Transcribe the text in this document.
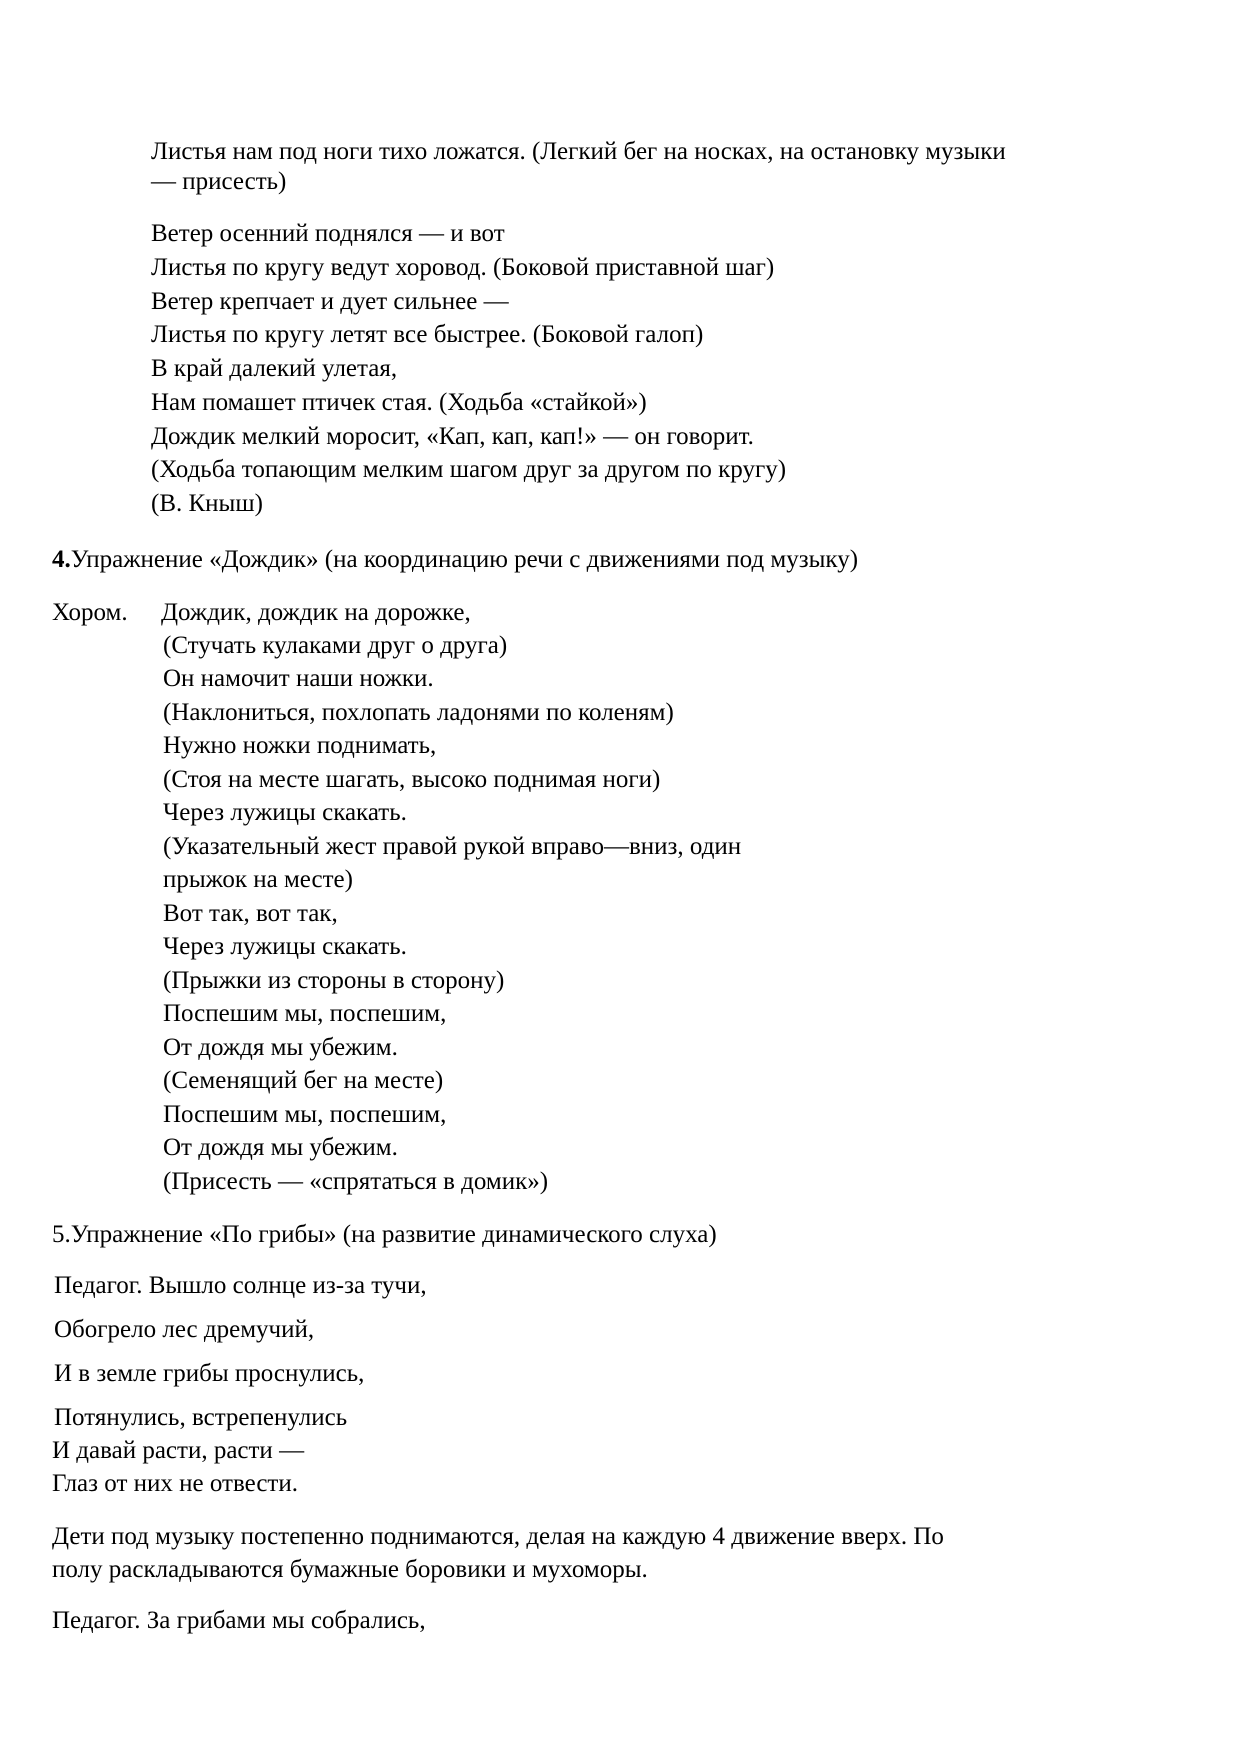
Листья нам под ноги тихо ложатся. (Легкий бег на носках, на остановку музыки
— присесть)
Ветер осенний поднялся — и вот
Листья по кругу ведут хоровод. (Боковой приставной шаг)
Ветер крепчает и дует сильнее —
Листья по кругу летят все быстрее. (Боковой галоп)
В край далекий улетая,
Нам помашет птичек стая. (Ходьба «стайкой»)
Дождик мелкий моросит, «Кап, кап, кап!» — он говорит.
(Ходьба топающим мелким шагом друг за другом по кругу)
(В. Кныш)
4.Упражнение «Дождик» (на координацию речи с движениями под музыку)
Хором. Дождик, дождик на дорожке,
(Стучать кулаками друг о друга)
Он намочит наши ножки.
(Наклониться, похлопать ладонями по коленям)
Нужно ножки поднимать,
(Стоя на месте шагать, высоко поднимая ноги)
Через лужицы скакать.
(Указательный жест правой рукой вправо—вниз, один
прыжок на месте)
Вот так, вот так,
Через лужицы скакать.
(Прыжки из стороны в сторону)
Поспешим мы, поспешим,
От дождя мы убежим.
(Семенящий бег на месте)
Поспешим мы, поспешим,
От дождя мы убежим.
(Присесть — «спрятаться в домик»)
5.Упражнение «По грибы» (на развитие динамического слуха)
Педагог. Вышло солнце из-за тучи,
Обогрело лес дремучий,
И в земле грибы проснулись,
Потянулись, встрепенулись
И давай расти, расти —
Глаз от них не отвести.
Дети под музыку постепенно поднимаются, делая на каждую 4 движение вверх. По
полу раскладываются бумажные боровики и мухоморы.
Педагог. За грибами мы собрались,
